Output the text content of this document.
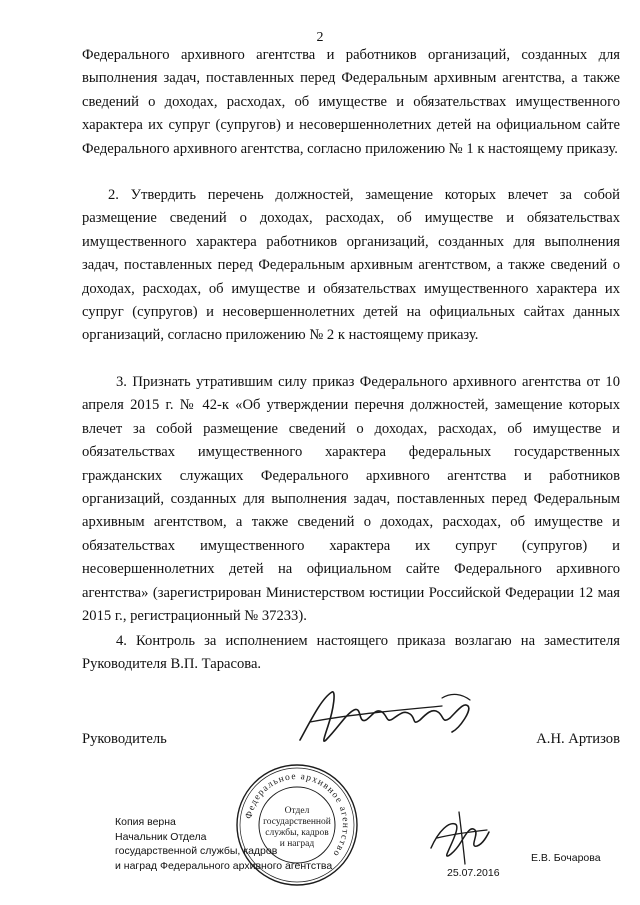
2
Федерального архивного агентства и работников организаций, созданных для выполнения задач, поставленных перед Федеральным архивным агентства, а также сведений о доходах, расходах, об имуществе и обязательствах имущественного характера их супруг (супругов) и несовершеннолетних детей на официальном сайте Федерального архивного агентства, согласно приложению № 1 к настоящему приказу.
2. Утвердить перечень должностей, замещение которых влечет за собой размещение сведений о доходах, расходах, об имуществе и обязательствах имущественного характера работников организаций, созданных для выполнения задач, поставленных перед Федеральным архивным агентством, а также сведений о доходах, расходах, об имуществе и обязательствах имущественного характера их супруг (супругов) и несовершеннолетних детей на официальных сайтах данных организаций, согласно приложению № 2 к настоящему приказу.
3. Признать утратившим силу приказ Федерального архивного агентства от 10 апреля 2015 г. № 42-к «Об утверждении перечня должностей, замещение которых влечет за собой размещение сведений о доходах, расходах, об имуществе и обязательствах имущественного характера федеральных государственных гражданских служащих Федерального архивного агентства и работников организаций, созданных для выполнения задач, поставленных перед Федеральным архивным агентством, а также сведений о доходах, расходах, об имуществе и обязательствах имущественного характера их супруг (супругов) и несовершеннолетних детей на официальном сайте Федерального архивного агентства» (зарегистрирован Министерством юстиции Российской Федерации 12 мая 2015 г., регистрационный № 37233).
4. Контроль за исполнением настоящего приказа возлагаю на заместителя Руководителя В.П. Тарасова.
Руководитель	А.Н. Артизов
Федеральное архивное агентство
Отдел
государственной
службы, кадров
и наград
Копия верна
Начальник Отдела
государственной службы, кадров
и наград Федерального архивного агентства
25.07.2016
Е.В. Бочарова
